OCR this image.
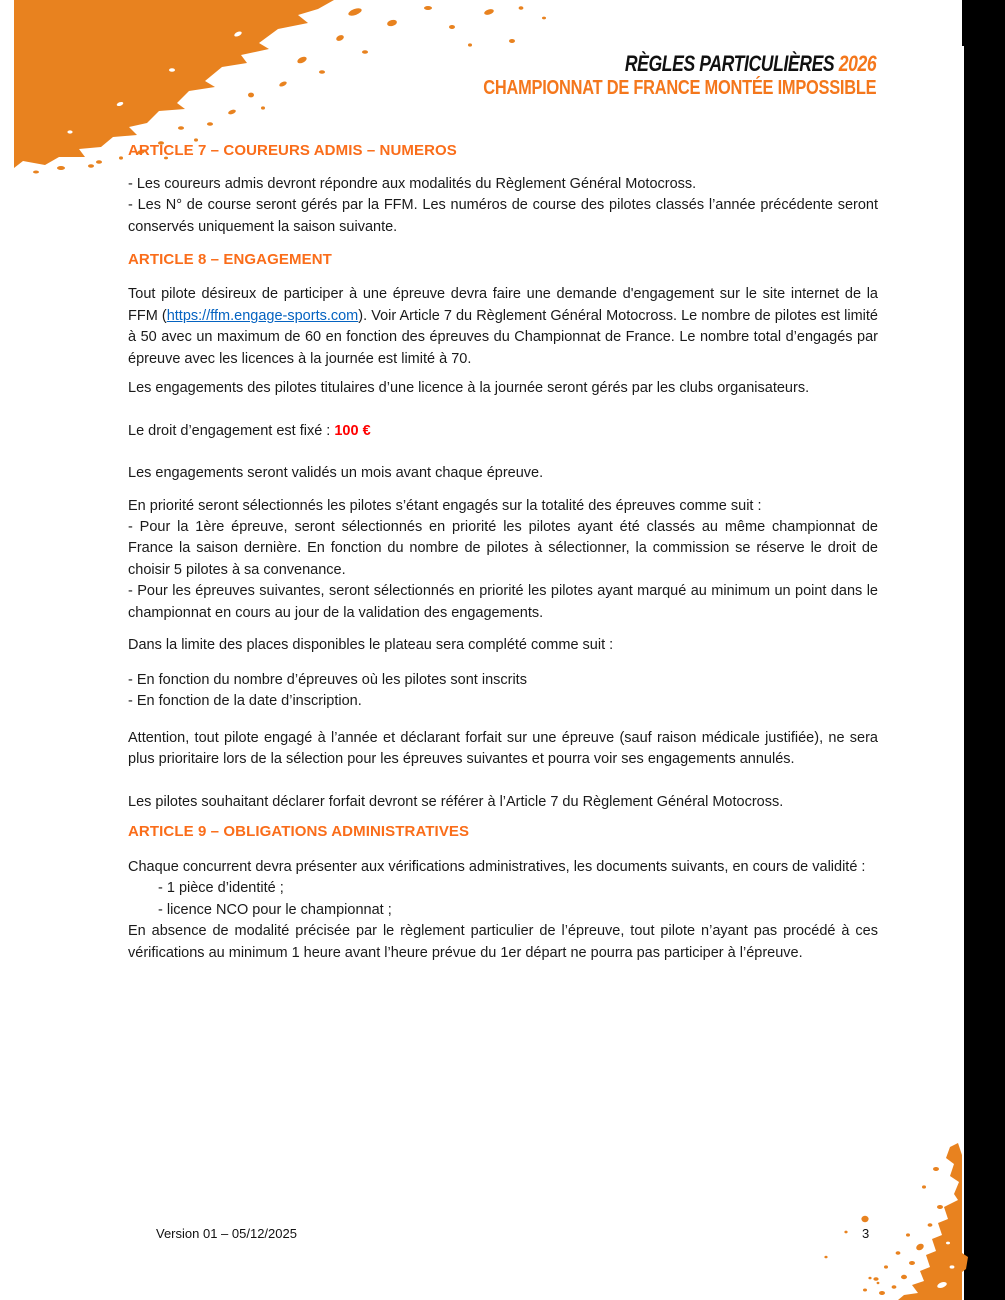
RÈGLES PARTICULIÈRES 2026
CHAMPIONNAT DE FRANCE MONTÉE IMPOSSIBLE
ARTICLE 7 – COUREURS ADMIS – NUMEROS
- Les coureurs admis devront répondre aux modalités du Règlement Général Motocross.
- Les N° de course seront gérés par la FFM. Les numéros de course des pilotes classés l’année précédente seront conservés uniquement la saison suivante.
ARTICLE 8 – ENGAGEMENT
Tout pilote désireux de participer à une épreuve devra faire une demande d'engagement sur le site internet de la FFM (https://ffm.engage-sports.com). Voir Article 7 du Règlement Général Motocross. Le nombre de pilotes est limité à 50 avec un maximum de 60 en fonction des épreuves du Championnat de France. Le nombre total d’engagés par épreuve avec les licences à la journée est limité à 70.
Les engagements des pilotes titulaires d’une licence à la journée seront gérés par les clubs organisateurs.
Le droit d’engagement est fixé : 100 €
Les engagements seront validés un mois avant chaque épreuve.
En priorité seront sélectionnés les pilotes s’étant engagés sur la totalité des épreuves comme suit :
- Pour la 1ère épreuve, seront sélectionnés en priorité les pilotes ayant été classés au même championnat de France la saison dernière. En fonction du nombre de pilotes à sélectionner, la commission se réserve le droit de choisir 5 pilotes à sa convenance.
- Pour les épreuves suivantes, seront sélectionnés en priorité les pilotes ayant marqué au minimum un point dans le championnat en cours au jour de la validation des engagements.
Dans la limite des places disponibles le plateau sera complété comme suit :
- En fonction du nombre d’épreuves où les pilotes sont inscrits
- En fonction de la date d’inscription.
Attention, tout pilote engagé à l’année et déclarant forfait sur une épreuve (sauf raison médicale justifiée), ne sera plus prioritaire lors de la sélection pour les épreuves suivantes et pourra voir ses engagements annulés.
Les pilotes souhaitant déclarer forfait devront se référer à l’Article 7 du Règlement Général Motocross.
ARTICLE 9 – OBLIGATIONS ADMINISTRATIVES
Chaque concurrent devra présenter aux vérifications administratives, les documents suivants, en cours de validité :
- 1 pièce d’identité ;
- licence NCO pour le championnat ;
En absence de modalité précisée par le règlement particulier de l’épreuve, tout pilote n’ayant pas procédé à ces vérifications au minimum 1 heure avant l’heure prévue du 1er départ ne pourra pas participer à l’épreuve.
Version 01 – 05/12/2025	3
